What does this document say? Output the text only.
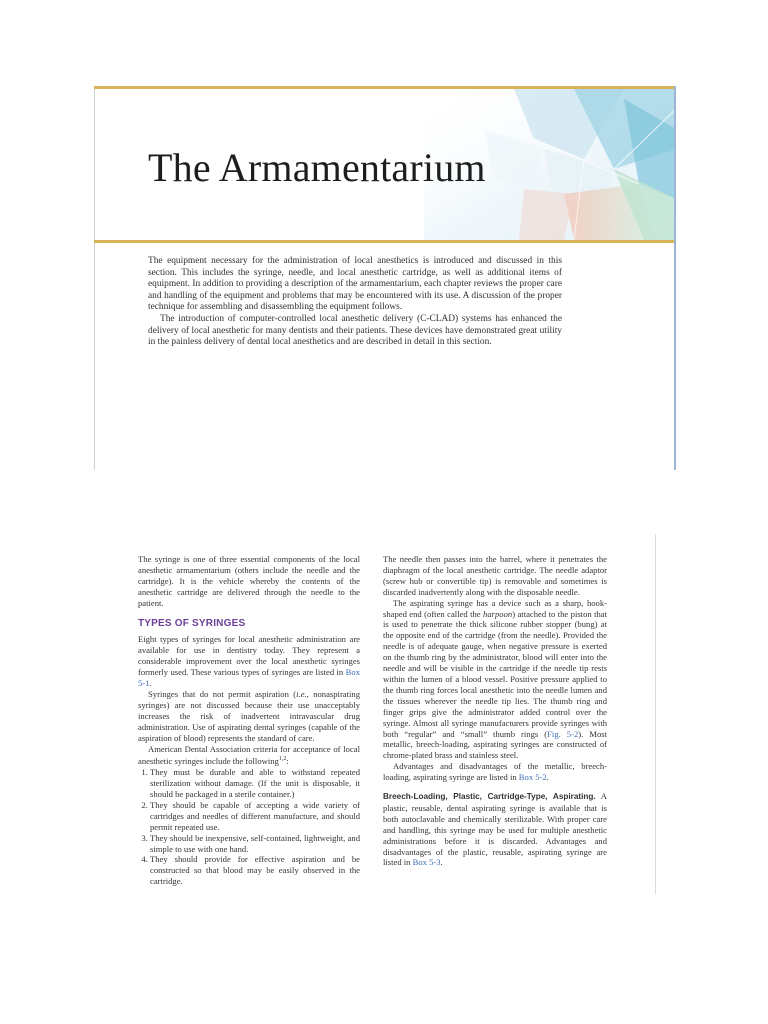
The Armamentarium

The equipment necessary for the administration of local anesthetics is introduced and discussed in this section. This includes the syringe, needle, and local anesthetic cartridge, as well as additional items of equipment. In addition to providing a description of the armamentarium, each chapter reviews the proper care and handling of the equipment and problems that may be encountered with its use. A discussion of the proper technique for assembling and disassembling the equipment follows.

The introduction of computer-controlled local anesthetic delivery (C-CLAD) systems has enhanced the delivery of local anesthetic for many dentists and their patients. These devices have demonstrated great utility in the painless delivery of dental local anesthetics and are described in detail in this section.

The syringe is one of three essential components of the local anesthetic armamentarium (others include the needle and the cartridge). It is the vehicle whereby the contents of the anesthetic cartridge are delivered through the needle to the patient.

TYPES OF SYRINGES

Eight types of syringes for local anesthetic administration are available for use in dentistry today. They represent a considerable improvement over the local anesthetic syringes formerly used. These various types of syringes are listed in Box 5-1.

Syringes that do not permit aspiration (i.e., nonaspirating syringes) are not discussed because their use unacceptably increases the risk of inadvertent intravascular drug administration. Use of aspirating dental syringes (capable of the aspiration of blood) represents the standard of care.

American Dental Association criteria for acceptance of local anesthetic syringes include the following$^{1,2}$:

1. They must be durable and able to withstand repeated sterilization without damage. (If the unit is disposable, it should be packaged in a sterile container.)
2. They should be capable of accepting a wide variety of cartridges and needles of different manufacture, and should permit repeated use.
3. They should be inexpensive, self-contained, lightweight, and simple to use with one hand.
4. They should provide for effective aspiration and be constructed so that blood may be easily observed in the cartridge.

The needle then passes into the barrel, where it penetrates the diaphragm of the local anesthetic cartridge. The needle adaptor (screw hub or convertible tip) is removable and sometimes is discarded inadvertently along with the disposable needle.

The aspirating syringe has a device such as a sharp, hook-shaped end (often called the harpoon) attached to the piston that is used to penetrate the thick silicone rubber stopper (bung) at the opposite end of the cartridge (from the needle). Provided the needle is of adequate gauge, when negative pressure is exerted on the thumb ring by the administrator, blood will enter into the needle and will be visible in the cartridge if the needle tip rests within the lumen of a blood vessel. Positive pressure applied to the thumb ring forces local anesthetic into the needle lumen and the tissues wherever the needle tip lies. The thumb ring and finger grips give the administrator added control over the syringe. Almost all syringe manufacturers provide syringes with both “regular” and “small” thumb rings (Fig. 5-2). Most metallic, breech-loading, aspirating syringes are constructed of chrome-plated brass and stainless steel.

Advantages and disadvantages of the metallic, breech-loading, aspirating syringe are listed in Box 5-2.

Breech-Loading, Plastic, Cartridge-Type, Aspirating. A plastic, reusable, dental aspirating syringe is available that is both autoclavable and chemically sterilizable. With proper care and handling, this syringe may be used for multiple anesthetic administrations before it is discarded. Advantages and disadvantages of the plastic, reusable, aspirating syringe are listed in Box 5-3.
